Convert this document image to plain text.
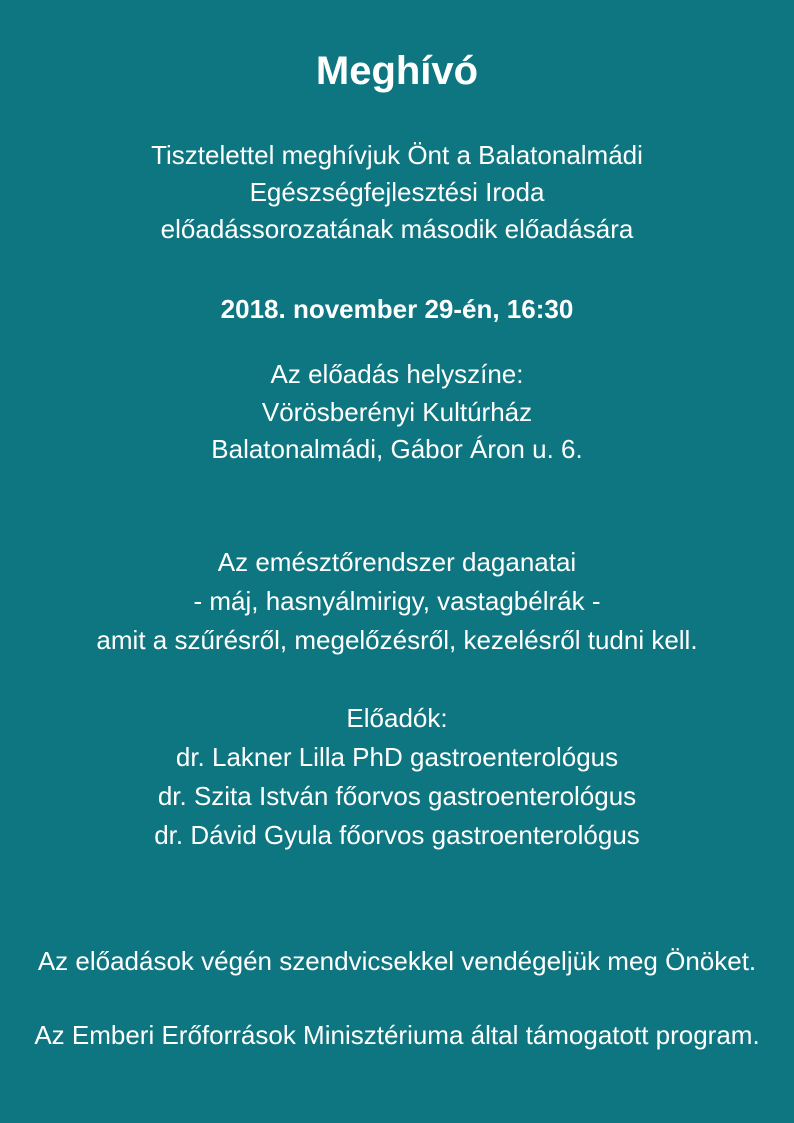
Meghívó
Tisztelettel meghívjuk Önt a Balatonalmádi
Egészségfejlesztési Iroda
előadássorozatának második előadására
2018. november 29-én, 16:30
Az előadás helyszíne:
Vörösberényi Kultúrház
Balatonalmádi, Gábor Áron u. 6.
Az emésztőrendszer daganatai
- máj, hasnyálmirigy, vastagbélrák -
amit a szűrésről, megelőzésről, kezelésről tudni kell.
Előadók:
dr. Lakner Lilla PhD gastroenterológus
dr. Szita István főorvos gastroenterológus
dr. Dávid Gyula főorvos gastroenterológus
Az előadások végén szendvicsekkel vendégeljük meg Önöket.
Az Emberi Erőforrások Minisztériuma által támogatott program.
